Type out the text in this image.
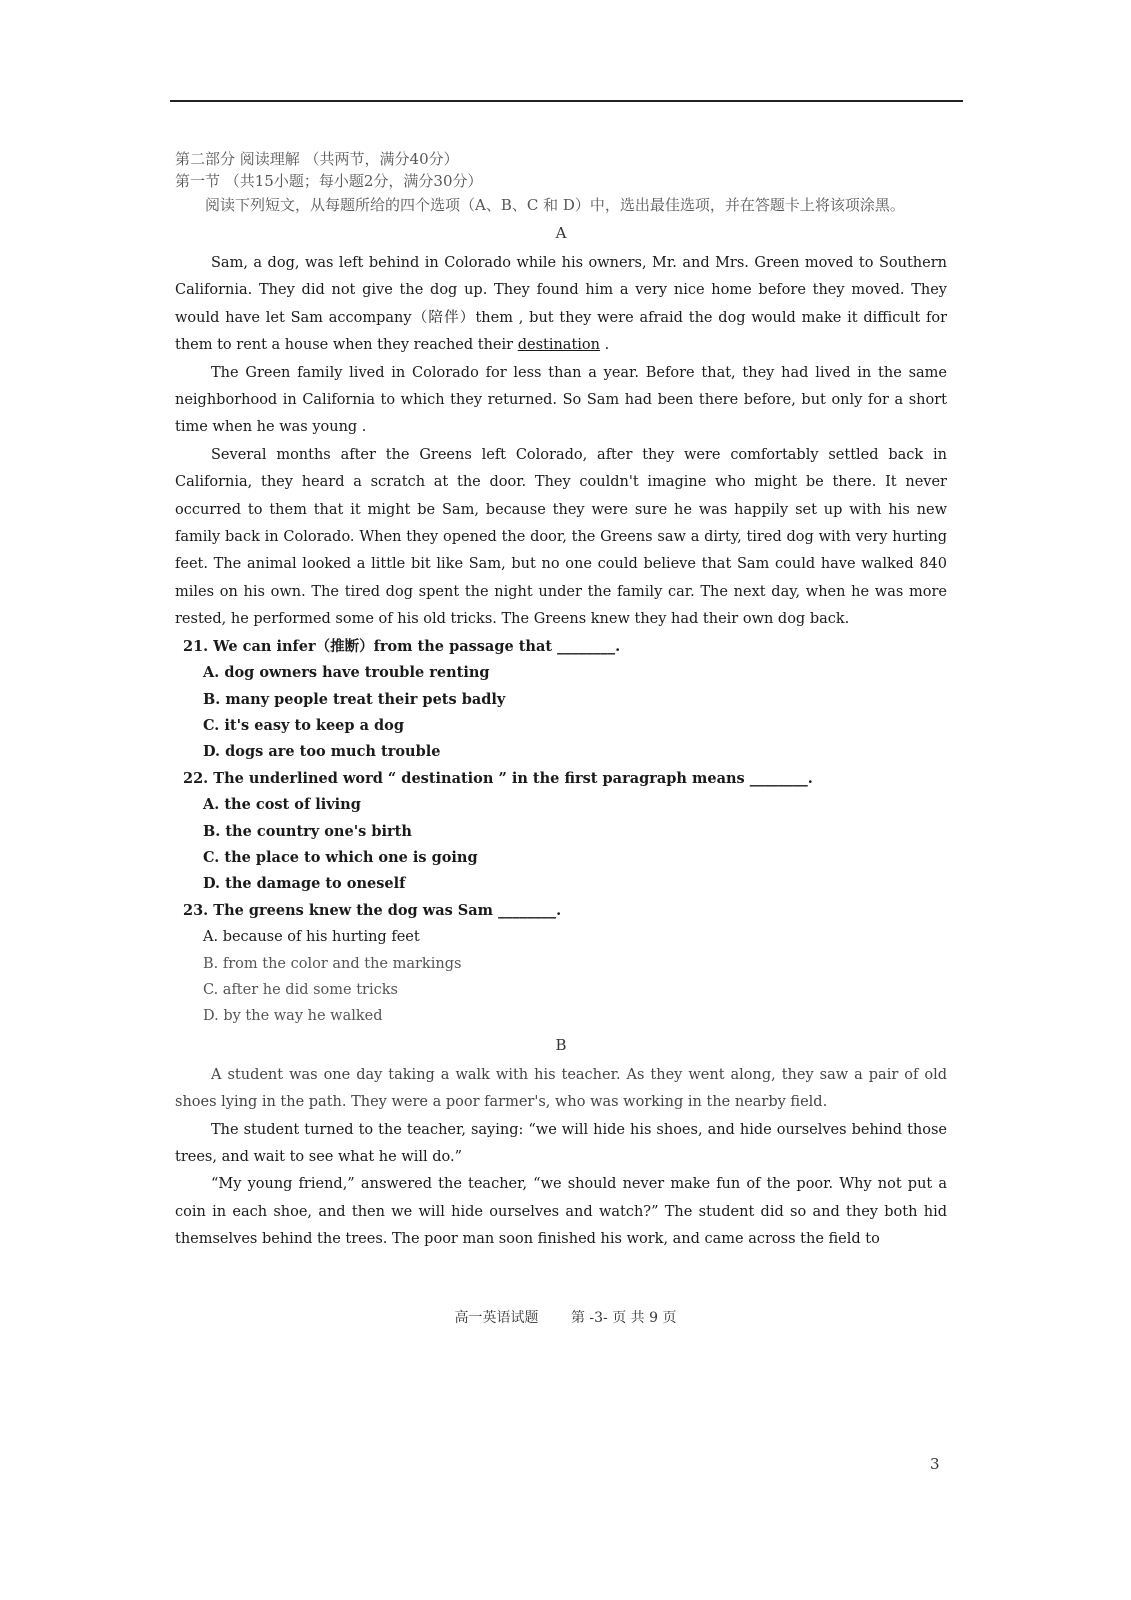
第二部分 阅读理解 （共两节，满分40分）
第一节 （共15小题；每小题2分，满分30分）
阅读下列短文，从每题所给的四个选项（A、B、C 和 D）中，选出最佳选项，并在答题卡上将该项涂黑。
A

Sam, a dog, was left behind in Colorado while his owners, Mr. and Mrs. Green moved to Southern California. They did not give the dog up. They found him a very nice home before they moved. They would have let Sam accompany（陪伴）them , but they were afraid the dog would make it difficult for them to rent a house when they reached their destination .

The Green family lived in Colorado for less than a year. Before that, they had lived in the same neighborhood in California to which they returned. So Sam had been there before, but only for a short time when he was young .

Several months after the Greens left Colorado, after they were comfortably settled back in California, they heard a scratch at the door. They couldn't imagine who might be there. It never occurred to them that it might be Sam, because they were sure he was happily set up with his new family back in Colorado. When they opened the door, the Greens saw a dirty, tired dog with very hurting feet. The animal looked a little bit like Sam, but no one could believe that Sam could have walked 840 miles on his own. The tired dog spent the night under the family car. The next day, when he was more rested, he performed some of his old tricks. The Greens knew they had their own dog back.

21. We can infer（推断）from the passage that ________.

A. dog owners have trouble renting

B. many people treat their pets badly

C. it's easy to keep a dog

D. dogs are too much trouble

22. The underlined word “ destination ” in the first paragraph means ________.

A. the cost of living

B. the country one's birth

C. the place to which one is going

D. the damage to oneself

23. The greens knew the dog was Sam ________.

A. because of his hurting feet

B. from the color and the markings

C. after he did some tricks

D. by the way he walked

B

A student was one day taking a walk with his teacher. As they went along, they saw a pair of old shoes lying in the path. They were a poor farmer's, who was working in the nearby field.

The student turned to the teacher, saying: “we will hide his shoes, and hide ourselves behind those trees, and wait to see what he will do.”

“My young friend,” answered the teacher, “we should never make fun of the poor. Why not put a coin in each shoe, and then we will hide ourselves and watch?” The student did so and they both hid themselves behind the trees. The poor man soon finished his work, and came across the field to

高一英语试题 第 -3- 页 共 9 页
3
